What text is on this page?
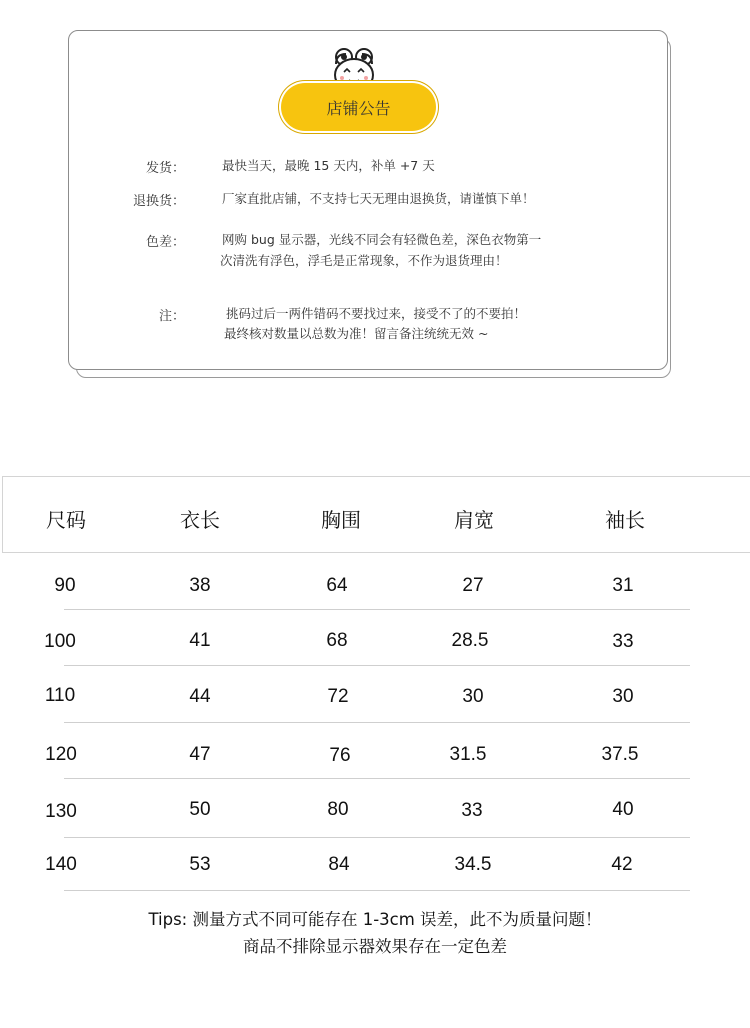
店铺公告
发货：	最快当天，最晚 15 天内，补单 +7 天
退换货：	厂家直批店铺，不支持七天无理由退换货，请谨慎下单！
色差：	网购 bug 显示器，光线不同会有轻微色差，深色衣物第一
次清洗有浮色，浮毛是正常现象，不作为退货理由！
注：	挑码过后一两件错码不要找过来，接受不了的不要拍！
最终核对数量以总数为准！留言备注统统无效 ~
尺码	衣长	胸围	肩宽	袖长
90	38	64	27	31
100	41	68	28.5	33
110	44	72	30	30
120	47	76	31.5	37.5
130	50	80	33	40
140	53	84	34.5	42
Tips: 测量方式不同可能存在 1-3cm 误差，此不为质量问题！
商品不排除显示器效果存在一定色差
